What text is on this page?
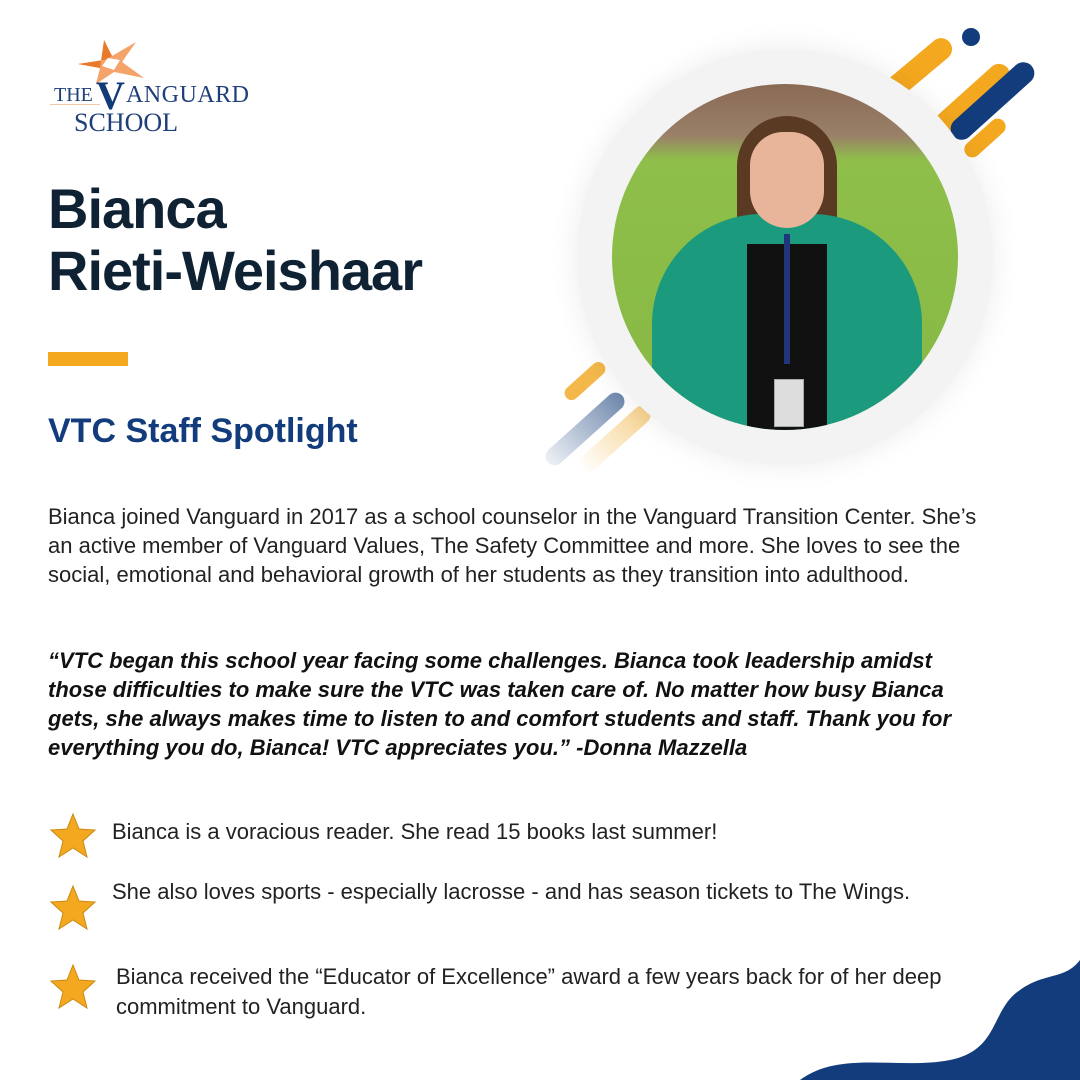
THE V ANGUARD
SCHOOL
Bianca
Rieti-Weishaar
VTC Staff Spotlight
Bianca joined Vanguard in 2017 as a school counselor in the Vanguard Transition Center. She’s an active member of Vanguard Values, The Safety Committee and more. She loves to see the social, emotional and behavioral growth of her students as they transition into adulthood.
“VTC began this school year facing some challenges. Bianca took leadership amidst those difficulties to make sure the VTC was taken care of. No matter how busy Bianca gets, she always makes time to listen to and comfort students and staff. Thank you for everything you do, Bianca! VTC appreciates you.” -Donna Mazzella
Bianca is a voracious reader. She read 15 books last summer!
She also loves sports - especially lacrosse - and has season tickets to The Wings.
Bianca received the “Educator of Excellence” award a few years back for of her deep commitment to Vanguard.
